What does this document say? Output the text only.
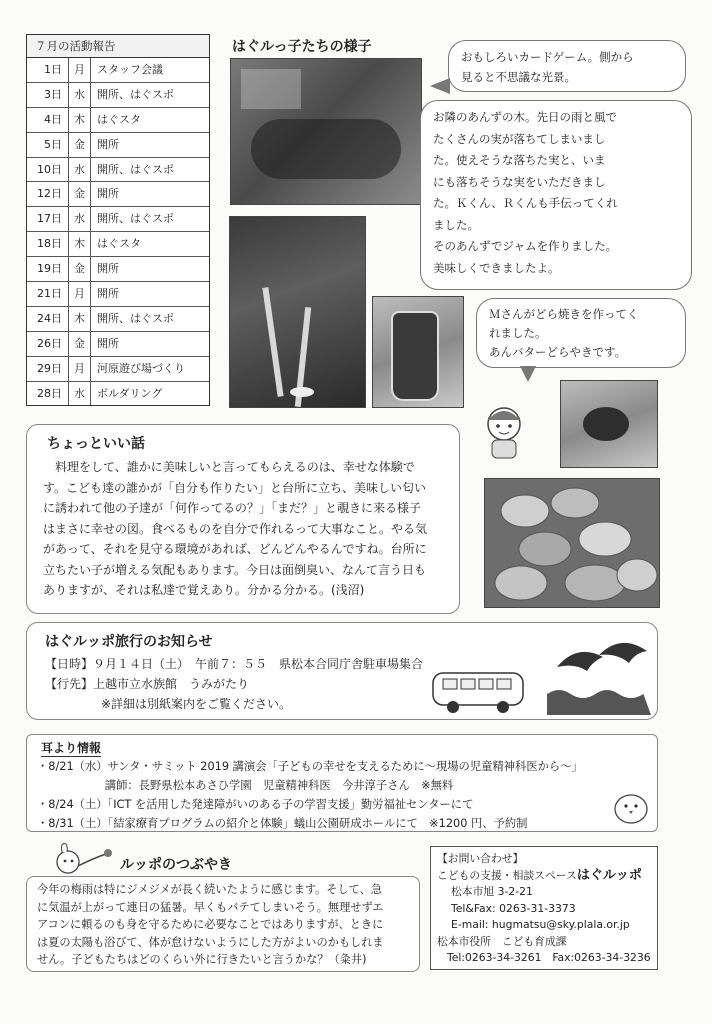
７月の活動報告
1日	月	スタッフ会議
3日	水	開所、はぐスポ
4日	木	はぐスタ
5日	金	開所
10日	水	開所、はぐスポ
12日	金	開所
17日	水	開所、はぐスポ
18日	木	はぐスタ
19日	金	開所
21日	月	開所
24日	木	開所、はぐスポ
26日	金	開所
29日	月	河原遊び場づくり
28日	水	ボルダリング
はぐルっ子たちの様子
おもしろいカードゲーム。側から
見ると不思議な光景。
お隣のあんずの木。先日の雨と風で
たくさんの実が落ちてしまいまし
た。使えそうな落ちた実と、いま
にも落ちそうな実をいただきまし
た。Ｋくん、Ｒくんも手伝ってくれ
ました。
そのあんずでジャムを作りました。
美味しくできましたよ。
Ｍさんがどら焼きを作ってく
れました。
あんバターどらやきです。
ちょっといい話

　料理をして、誰かに美味しいと言ってもらえるのは、幸せな体験で

す。こども達の誰かが「自分も作りたい」と台所に立ち、美味しい匂い

に誘われて他の子達が「何作ってるの？」「まだ？」と覗きに来る様子

はまさに幸せの図。食べるものを自分で作れるって大事なこと。やる気

があって、それを見守る環境があれば、どんどんやるんですね。台所に

立ちたい子が増える気配もあります。今日は面倒臭い、なんて言う日も

ありますが、それは私達で覚えあり。分かる分かる。(浅沼)

はぐルッポ旅行のお知らせ
【日時】９月１４日（土）　午前７：５５　県松本合同庁舎駐車場集合
【行先】上越市立水族館　うみがたり
※詳細は別紙案内をご覧ください。
耳より情報
・8/21（水）サンタ・サミット 2019 講演会「子どもの幸せを支えるために～現場の児童精神科医から～」
　　　　　　講師：長野県松本あさひ学園　児童精神科医　今井淳子さん　※無料
・8/24（土）「ICT を活用した発達障がいのある子の学習支援」勤労福祉センターにて
・8/31（土）「結家療育プログラムの紹介と体験」蟻山公園研成ホールにて　※1200 円、予約制
ルッポのつぶやき

今年の梅雨は特にジメジメが長く続いたように感じます。そして、急

に気温が上がって連日の猛暑。早くもバテてしまいそう。無理せずエ

アコンに頼るのも身を守るために必要なことではありますが、ときに

は夏の太陽も浴びて、体が怠けないようにした方がよいのかもしれま

せん。子どもたちはどのくらい外に行きたいと言うかな？（粂井)

【お問い合わせ】
こどもの支援・相談スペースはぐルッポ
松本市旭 3-2-21
Tel&Fax: 0263-31-3373
E-mail: hugmatsu@sky.plala.or.jp
松本市役所　こども育成課
Tel:0263-34-3261　Fax:0263-34-3236
